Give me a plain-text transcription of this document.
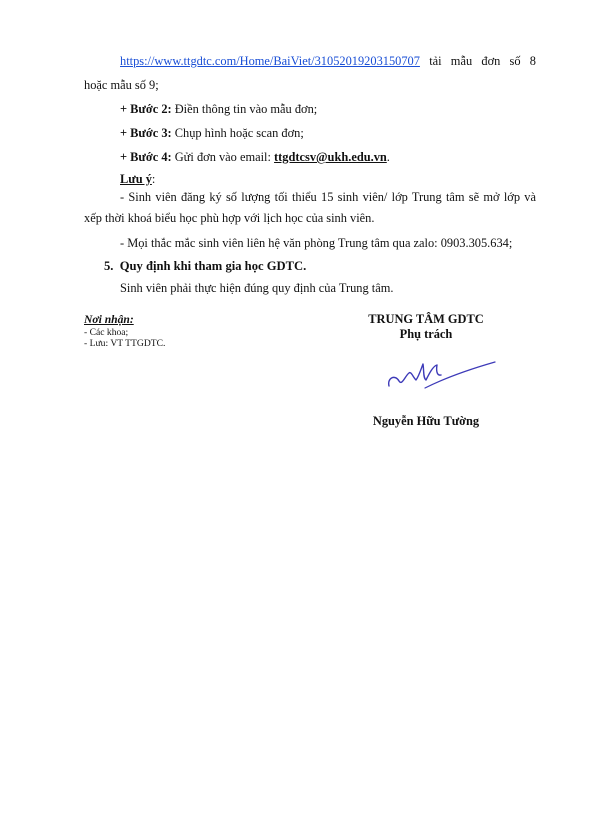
https://www.ttgdtc.com/Home/BaiViet/31052019203150707 tải mẫu đơn số 8
hoặc mẫu số 9;
+ Bước 2: Điền thông tin vào mẫu đơn;
+ Bước 3: Chụp hình hoặc scan đơn;
+ Bước 4: Gửi đơn vào email: ttgdtcsv@ukh.edu.vn.
Lưu ý:
- Sinh viên đăng ký số lượng tối thiểu 15 sinh viên/ lớp Trung tâm sẽ mở lớp và
xếp thời khoá biểu học phù hợp với lịch học của sinh viên.
- Mọi thắc mắc sinh viên liên hệ văn phòng Trung tâm qua zalo: 0903.305.634;
5. Quy định khi tham gia học GDTC.
Sinh viên phải thực hiện đúng quy định của Trung tâm.
Nơi nhận:
- Các khoa;
- Lưu: VT TTGDTC.
TRUNG TÂM GDTC
Phụ trách
Nguyễn Hữu Tường
